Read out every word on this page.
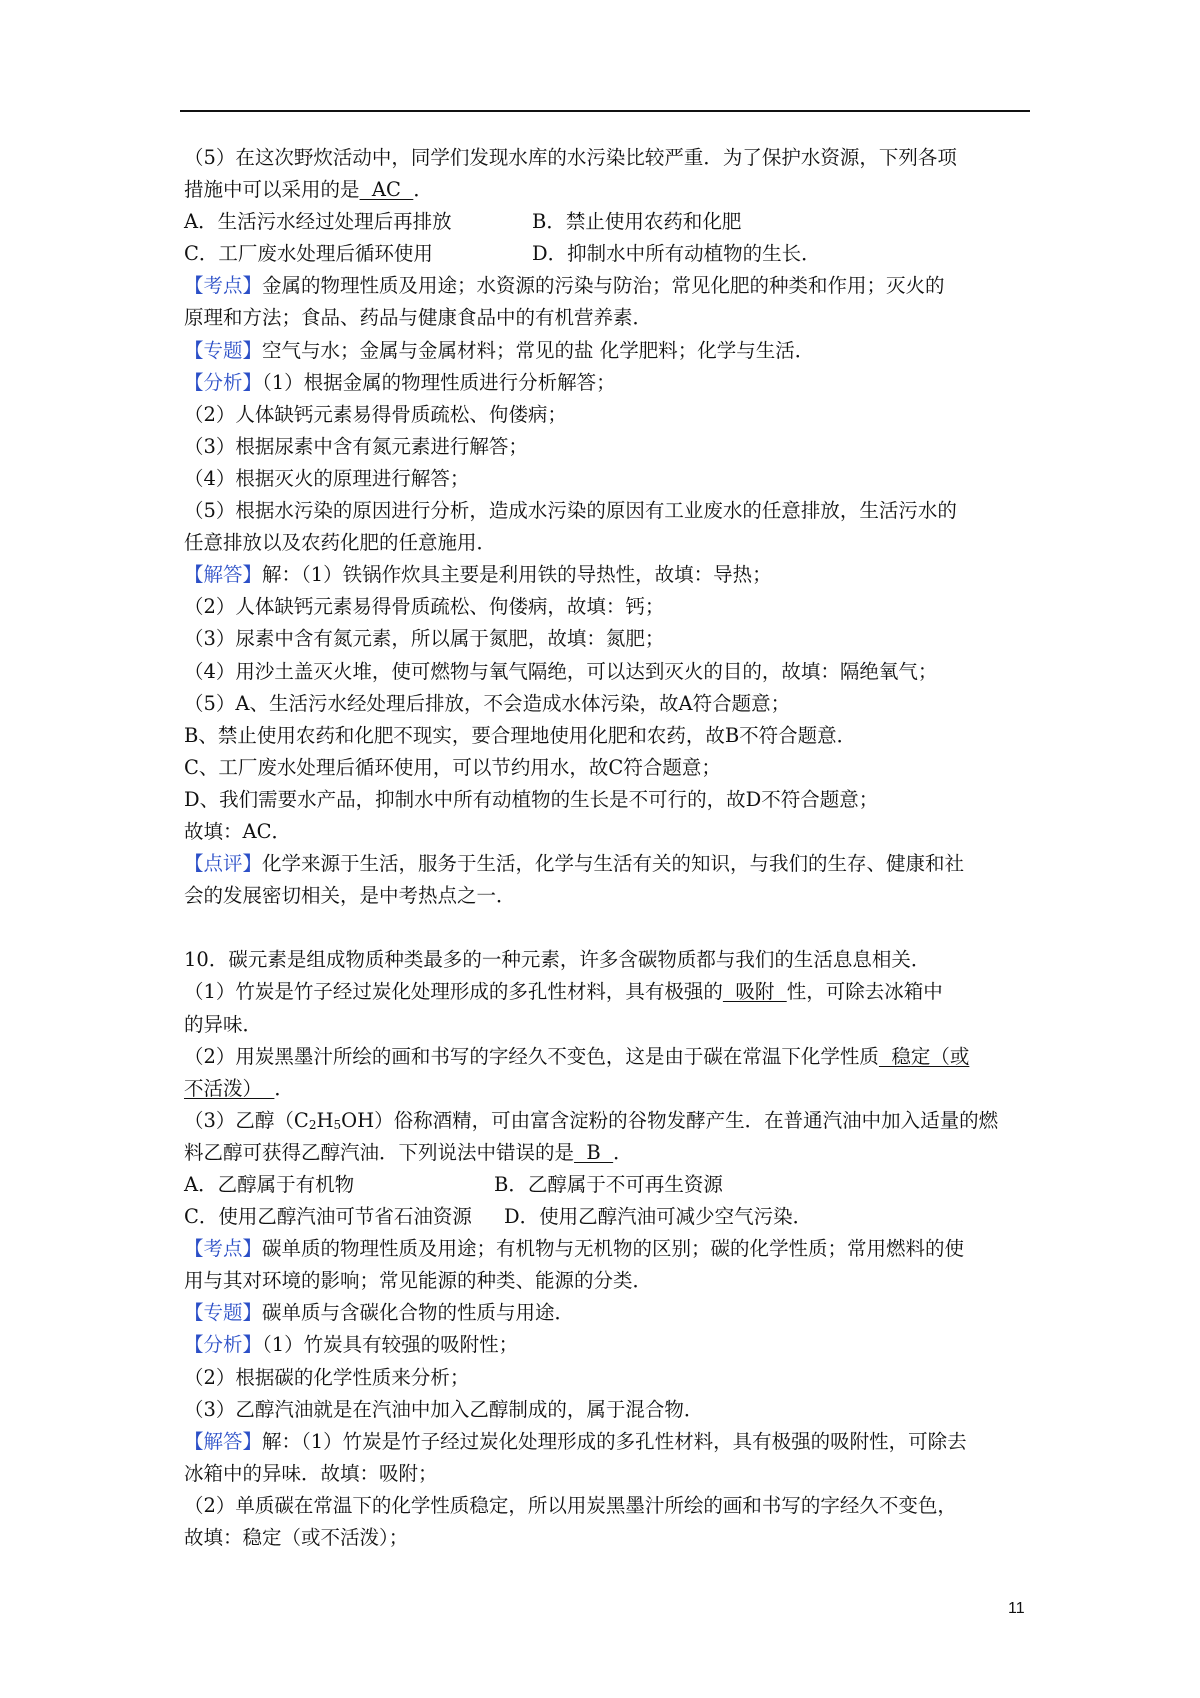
（5）在这次野炊活动中，同学们发现水库的水污染比较严重．为了保护水资源，下列各项
措施中可以采用的是  AC  ．
A．生活污水经过处理后再排放	B．禁止使用农药和化肥
C．工厂废水处理后循环使用	D．抑制水中所有动植物的生长．
【考点】金属的物理性质及用途；水资源的污染与防治；常见化肥的种类和作用；灭火的
原理和方法；食品、药品与健康食品中的有机营养素．
【专题】空气与水；金属与金属材料；常见的盐 化学肥料；化学与生活．
【分析】（1）根据金属的物理性质进行分析解答；
（2）人体缺钙元素易得骨质疏松、佝偻病；
（3）根据尿素中含有氮元素进行解答；
（4）根据灭火的原理进行解答；
（5）根据水污染的原因进行分析，造成水污染的原因有工业废水的任意排放，生活污水的
任意排放以及农药化肥的任意施用．
【解答】解：（1）铁锅作炊具主要是利用铁的导热性，故填：导热；
（2）人体缺钙元素易得骨质疏松、佝偻病，故填：钙；
（3）尿素中含有氮元素，所以属于氮肥，故填：氮肥；
（4）用沙土盖灭火堆，使可燃物与氧气隔绝，可以达到灭火的目的，故填：隔绝氧气；
（5）A、生活污水经处理后排放，不会造成水体污染，故A符合题意；
B、禁止使用农药和化肥不现实，要合理地使用化肥和农药，故B不符合题意．
C、工厂废水处理后循环使用，可以节约用水，故C符合题意；
D、我们需要水产品，抑制水中所有动植物的生长是不可行的，故D不符合题意；
故填：AC．
【点评】化学来源于生活，服务于生活，化学与生活有关的知识，与我们的生存、健康和社
会的发展密切相关，是中考热点之一．
10．碳元素是组成物质种类最多的一种元素，许多含碳物质都与我们的生活息息相关．
（1）竹炭是竹子经过炭化处理形成的多孔性材料，具有极强的  吸附  性，可除去冰箱中
的异味．
（2）用炭黑墨汁所绘的画和书写的字经久不变色，这是由于碳在常温下化学性质  稳定（或
不活泼）  ．
（3）乙醇（C2H5OH）俗称酒精，可由富含淀粉的谷物发酵产生．在普通汽油中加入适量的燃
料乙醇可获得乙醇汽油．下列说法中错误的是  B  ．
A．乙醇属于有机物	B．乙醇属于不可再生资源
C．使用乙醇汽油可节省石油资源 D．使用乙醇汽油可减少空气污染．
【考点】碳单质的物理性质及用途；有机物与无机物的区别；碳的化学性质；常用燃料的使
用与其对环境的影响；常见能源的种类、能源的分类．
【专题】碳单质与含碳化合物的性质与用途．
【分析】（1）竹炭具有较强的吸附性；
（2）根据碳的化学性质来分析；
（3）乙醇汽油就是在汽油中加入乙醇制成的，属于混合物．
【解答】解：（1）竹炭是竹子经过炭化处理形成的多孔性材料，具有极强的吸附性，可除去
冰箱中的异味．故填：吸附；
（2）单质碳在常温下的化学性质稳定，所以用炭黑墨汁所绘的画和书写的字经久不变色，
故填：稳定（或不活泼）；
11
